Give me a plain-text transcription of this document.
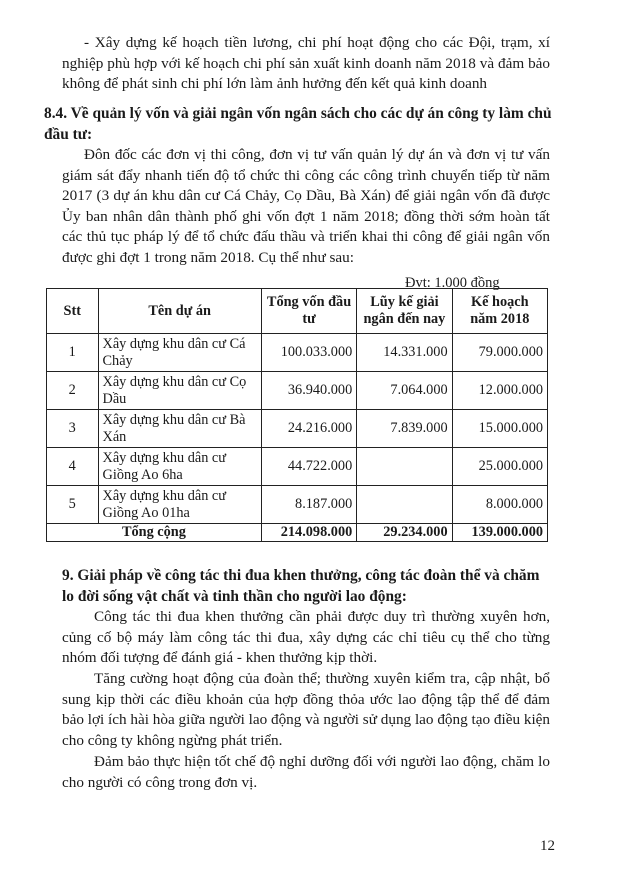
- Xây dựng kế hoạch tiền lương, chi phí hoạt động cho các Đội, trạm, xí nghiệp phù hợp với kế hoạch chi phí sản xuất kinh doanh năm 2018 và đảm bảo không để phát sinh chi phí lớn làm ảnh hưởng đến kết quả kinh doanh

8.4. Về quản lý vốn và giải ngân vốn ngân sách cho các dự án công ty làm chủ đầu tư:

Đôn đốc các đơn vị thi công, đơn vị tư vấn quản lý dự án và đơn vị tư vấn giám sát đẩy nhanh tiến độ tổ chức thi công các công trình chuyển tiếp từ năm 2017 (3 dự án khu dân cư Cá Chảy, Cọ Dầu, Bà Xán) để giải ngân vốn đã được Ủy ban nhân dân thành phố ghi vốn đợt 1 năm 2018; đồng thời sớm hoàn tất các thủ tục pháp lý để tổ chức đấu thầu và triển khai thi công để giải ngân vốn được ghi đợt 1 trong năm 2018. Cụ thể như sau:

Đvt: 1.000 đồng
Stt	Tên dự án	Tổng vốn đầu tư	Lũy kế giải ngân đến nay	Kế hoạch năm 2018
1	Xây dựng khu dân cư Cá Chảy	100.033.000	14.331.000	79.000.000
2	Xây dựng khu dân cư Cọ Dầu	36.940.000	7.064.000	12.000.000
3	Xây dựng khu dân cư Bà Xán	24.216.000	7.839.000	15.000.000
4	Xây dựng khu dân cư Giồng Ao 6ha	44.722.000		25.000.000
5	Xây dựng khu dân cư Giồng Ao 01ha	8.187.000		8.000.000
Tổng cộng		214.098.000	29.234.000	139.000.000

9. Giải pháp về công tác thi đua khen thưởng, công tác đoàn thể và chăm lo đời sống vật chất và tinh thần cho người lao động:

Công tác thi đua khen thưởng cần phải được duy trì thường xuyên hơn, củng cố bộ máy làm công tác thi đua, xây dựng các chỉ tiêu cụ thể cho từng nhóm đối tượng để đánh giá - khen thưởng kịp thời.

Tăng cường hoạt động của đoàn thể; thường xuyên kiểm tra, cập nhật, bổ sung kịp thời các điều khoản của hợp đồng thỏa ước lao động tập thể để đảm bảo lợi ích hài hòa giữa người lao động và người sử dụng lao động tạo điều kiện cho công ty không ngừng phát triển.

Đảm bảo thực hiện tốt chế độ nghỉ dưỡng đối với người lao động, chăm lo cho người có công trong đơn vị.

12
